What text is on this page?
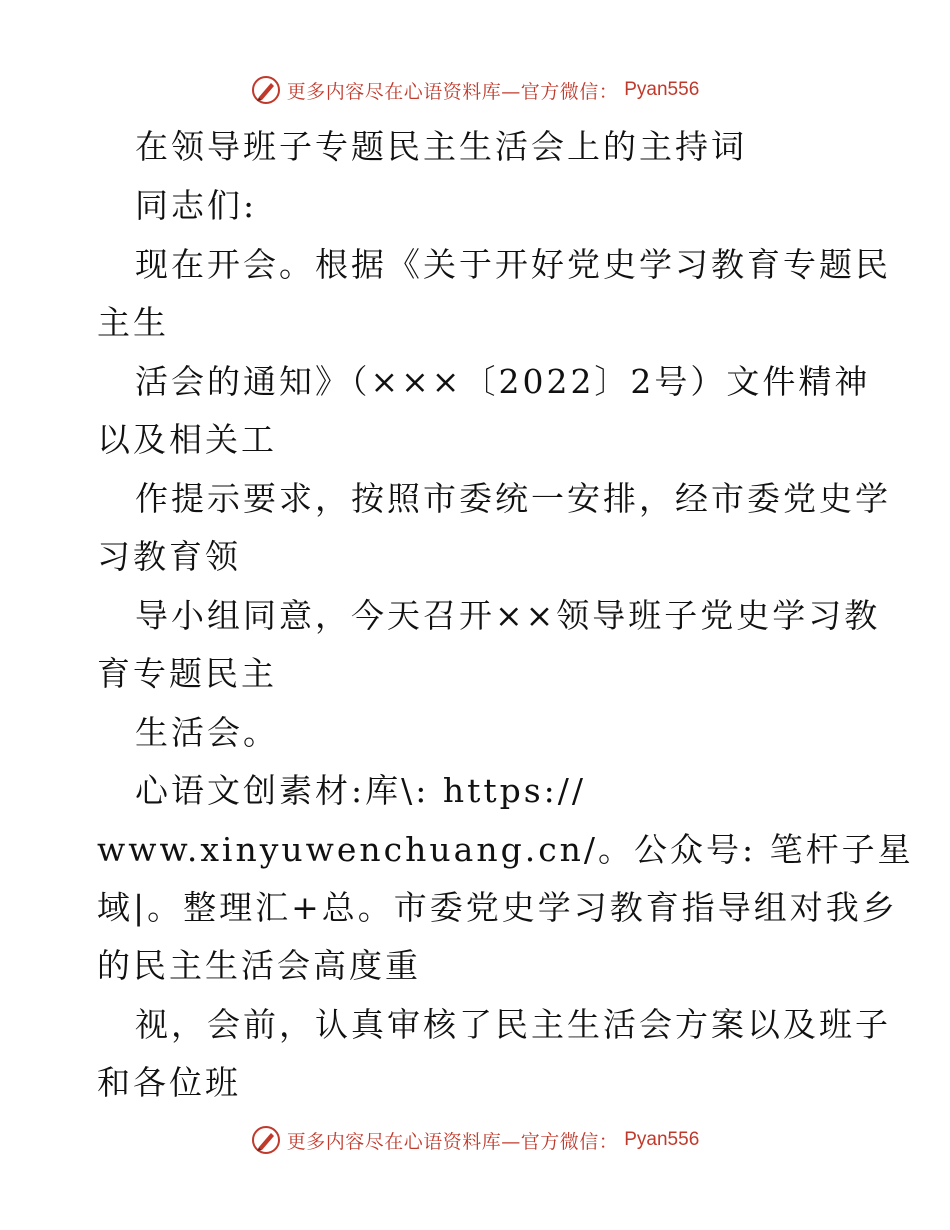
更多内容尽在心语资料库—官方微信： Pyan556
在领导班子专题民主生活会上的主持词
同志们:
现在开会。根据《关于开好党史学习教育专题民
主生
活会的通知》（×××〔2022〕2号）文件精神
以及相关工
作提示要求，按照市委统一安排，经市委党史学
习教育领
导小组同意，今天召开××领导班子党史学习教
育专题民主
生活会。
心语文创素材:库\: https://
www.xinyuwenchuang.cn/。公众号: 笔杆子星
域|。整理汇+总。市委党史学习教育指导组对我乡
的民主生活会高度重
视，会前，认真审核了民主生活会方案以及班子
和各位班
更多内容尽在心语资料库—官方微信： Pyan556
